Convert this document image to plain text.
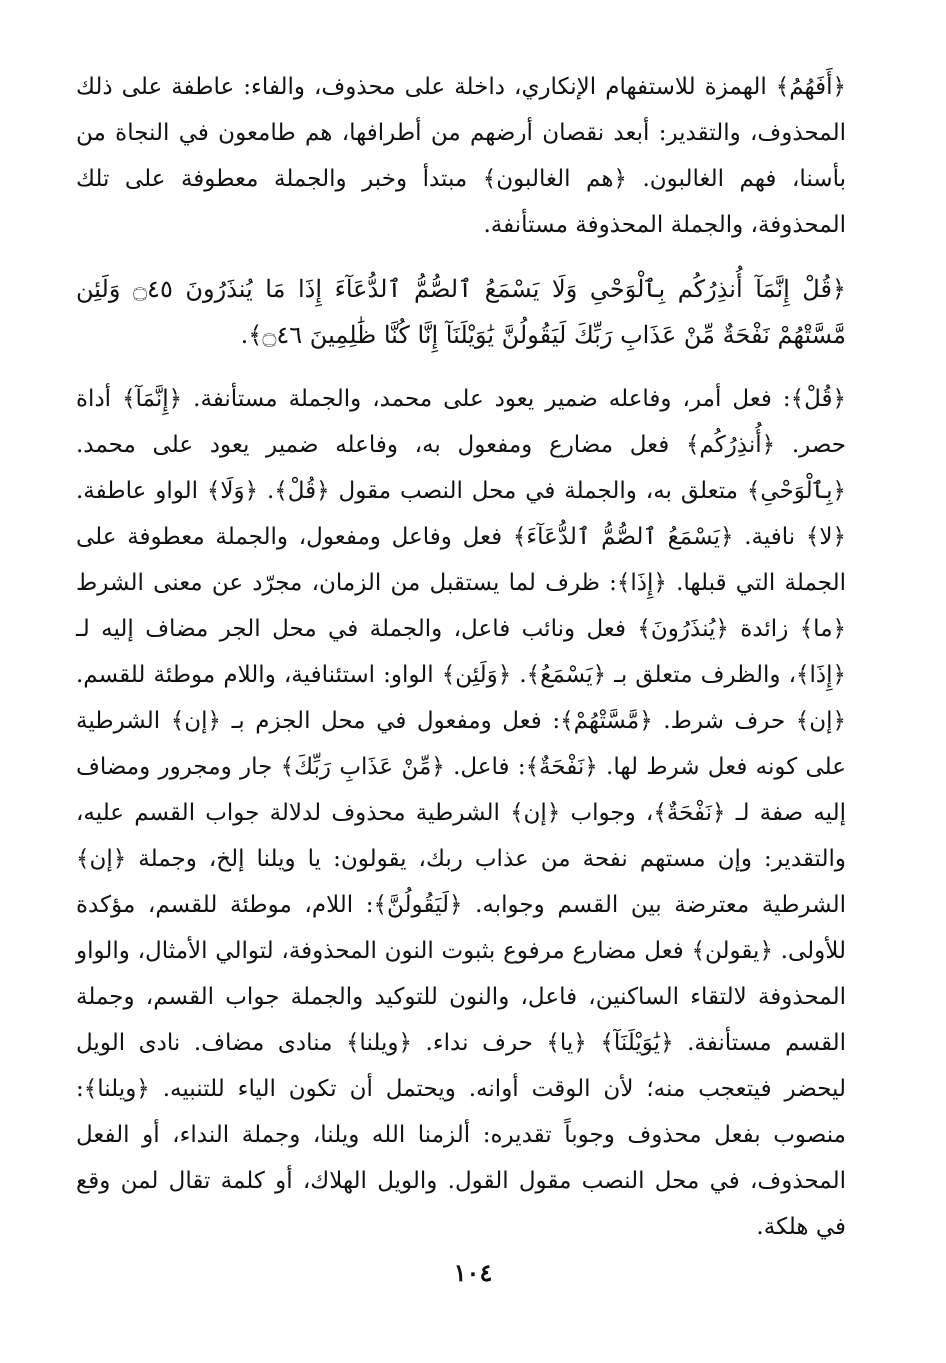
﴿أَفَهُمُ﴾ الهمزة للاستفهام الإنكاري، داخلة على محذوف، والفاء: عاطفة على ذلك المحذوف، والتقدير: أبعد نقصان أرضهم من أطرافها، هم طامعون في النجاة من بأسنا، فهم الغالبون. ﴿هم الغالبون﴾ مبتدأ وخبر والجملة معطوفة على تلك المحذوفة، والجملة المحذوفة مستأنفة.

﴿قُلْ إِنَّمَآ أُنذِرُكُم بِٱلْوَحْىِ وَلَا يَسْمَعُ ٱلصُّمُّ ٱلدُّعَآءَ إِذَا مَا يُنذَرُونَ ۝٤٥ وَلَئِن مَّسَّتْهُمْ نَفْحَةٌ مِّنْ عَذَابِ رَبِّكَ لَيَقُولُنَّ يَٰوَيْلَنَآ إِنَّا كُنَّا ظَٰلِمِينَ ۝٤٦﴾.

﴿قُلْ﴾: فعل أمر، وفاعله ضمير يعود على محمد، والجملة مستأنفة. ﴿إِنَّمَآ﴾ أداة حصر. ﴿أُنذِرُكُم﴾ فعل مضارع ومفعول به، وفاعله ضمير يعود على محمد. ﴿بِٱلْوَحْىِ﴾ متعلق به، والجملة في محل النصب مقول ﴿قُلْ﴾. ﴿وَلَا﴾ الواو عاطفة. ﴿لا﴾ نافية. ﴿يَسْمَعُ ٱلصُّمُّ ٱلدُّعَآءَ﴾ فعل وفاعل ومفعول، والجملة معطوفة على الجملة التي قبلها. ﴿إِذَا﴾: ظرف لما يستقبل من الزمان، مجرّد عن معنى الشرط ﴿ما﴾ زائدة ﴿يُنذَرُونَ﴾ فعل ونائب فاعل، والجملة في محل الجر مضاف إليه لـ ﴿إِذَا﴾، والظرف متعلق بـ ﴿يَسْمَعُ﴾. ﴿وَلَئِن﴾ الواو: استئنافية، واللام موطئة للقسم. ﴿إن﴾ حرف شرط. ﴿مَّسَّتْهُمْ﴾: فعل ومفعول في محل الجزم بـ ﴿إن﴾ الشرطية على كونه فعل شرط لها. ﴿نَفْحَةٌ﴾: فاعل. ﴿مِّنْ عَذَابِ رَبِّكَ﴾ جار ومجرور ومضاف إليه صفة لـ ﴿نَفْحَةٌ﴾، وجواب ﴿إن﴾ الشرطية محذوف لدلالة جواب القسم عليه، والتقدير: وإن مستهم نفحة من عذاب ربك، يقولون: يا ويلنا إلخ، وجملة ﴿إن﴾ الشرطية معترضة بين القسم وجوابه. ﴿لَيَقُولُنَّ﴾: اللام، موطئة للقسم، مؤكدة للأولى. ﴿يقولن﴾ فعل مضارع مرفوع بثبوت النون المحذوفة، لتوالي الأمثال، والواو المحذوفة لالتقاء الساكنين، فاعل، والنون للتوكيد والجملة جواب القسم، وجملة القسم مستأنفة. ﴿يَٰوَيْلَنَآ﴾ ﴿يا﴾ حرف نداء. ﴿ويلنا﴾ منادى مضاف. نادى الويل ليحضر فيتعجب منه؛ لأن الوقت أوانه. ويحتمل أن تكون الياء للتنبيه. ﴿ويلنا﴾: منصوب بفعل محذوف وجوباً تقديره: ألزمنا الله ويلنا، وجملة النداء، أو الفعل المحذوف، في محل النصب مقول القول. والويل الهلاك، أو كلمة تقال لمن وقع في هلكة.

١٠٤
